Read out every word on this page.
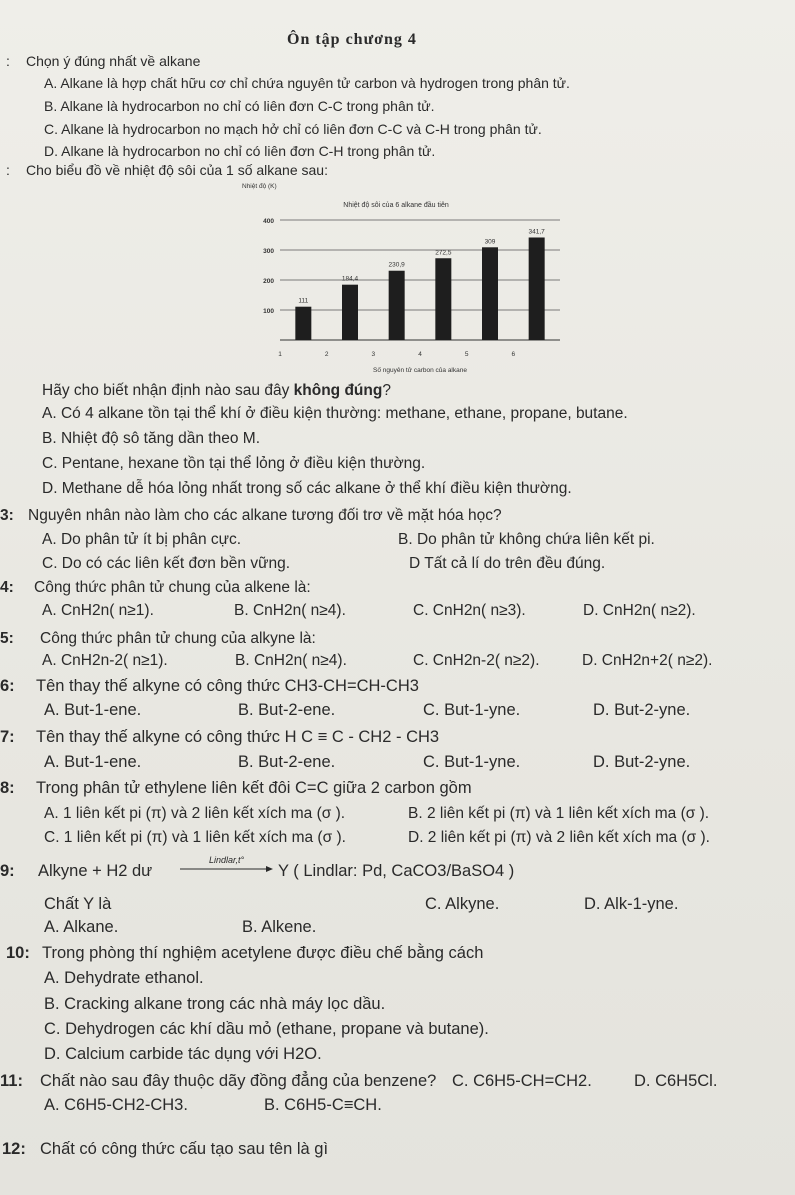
Ôn tập chương 4
: Chọn ý đúng nhất về alkane
A. Alkane là hợp chất hữu cơ chỉ chứa nguyên tử carbon và hydrogen trong phân tử.
B. Alkane là hydrocarbon no chỉ có liên đơn C-C trong phân tử.
C. Alkane là hydrocarbon no mạch hở chỉ có liên đơn C-C và C-H trong phân tử.
D. Alkane là hydrocarbon no chỉ có liên đơn C-H trong phân tử.
: Cho biểu đồ về nhiệt độ sôi của 1 số alkane sau:
Nhiệt độ (K)
Nhiệt độ sôi của 6 alkane đầu tiên
100
200
300
400
111
1
184,4
2
230,9
3
272,5
4
309
5
341,7
6
Số nguyên tử carbon của alkane
Hãy cho biết nhận định nào sau đây không đúng?
A. Có 4 alkane tồn tại thể khí ở điều kiện thường: methane, ethane, propane, butane.
B. Nhiệt độ sô tăng dần theo M.
C. Pentane, hexane tồn tại thể lỏng ở điều kiện thường.
D. Methane dễ hóa lỏng nhất trong số các alkane ở thể khí điều kiện thường.
3: Nguyên nhân nào làm cho các alkane tương đối trơ về mặt hóa học?
A. Do phân tử ít bị phân cực.	B. Do phân tử không chứa liên kết pi.
C. Do có các liên kết đơn bền vững.	D Tất cả lí do trên đều đúng.
4: Công thức phân tử chung của alkene là:
A. CnH2n( n≥1).	B. CnH2n( n≥4).	C. CnH2n( n≥3).	D. CnH2n( n≥2).
5: Công thức phân tử chung của alkyne là:
A. CnH2n-2( n≥1).	B. CnH2n( n≥4).	C. CnH2n-2( n≥2).	D. CnH2n+2( n≥2).
6: Tên thay thế alkyne có công thức CH3-CH=CH-CH3
A. But-1-ene.	B. But-2-ene.	C. But-1-yne.	D. But-2-yne.
7: Tên thay thế alkyne có công thức H C ≡ C - CH2 - CH3
A. But-1-ene.	B. But-2-ene.	C. But-1-yne.	D. But-2-yne.
8: Trong phân tử ethylene liên kết đôi C=C giữa 2 carbon gồm
A. 1 liên kết pi (π) và 2 liên kết xích ma (σ ).	B. 2 liên kết pi (π) và 1 liên kết xích ma (σ ).
C. 1 liên kết pi (π) và 1 liên kết xích ma (σ ).	D. 2 liên kết pi (π) và 2 liên kết xích ma (σ ).
9: Alkyne + H2 dư
Lindlar,t°
Y ( Lindlar: Pd, CaCO3/BaSO4 )
Chất Y là	D. Alk-1-yne.
A. Alkane.	B. Alkene.
C. Alkyne.
10: Trong phòng thí nghiệm acetylene được điều chế bằng cách
A. Dehydrate ethanol.
B. Cracking alkane trong các nhà máy lọc dầu.
C. Dehydrogen các khí dầu mỏ (ethane, propane và butane).
D. Calcium carbide tác dụng với H2O.
11: Chất nào sau đây thuộc dãy đồng đẳng của benzene?
A. C6H5-CH2-CH3.	B. C6H5-C≡CH.
C. C6H5-CH=CH2.	D. C6H5Cl.
12: Chất có công thức cấu tạo sau tên là gì
